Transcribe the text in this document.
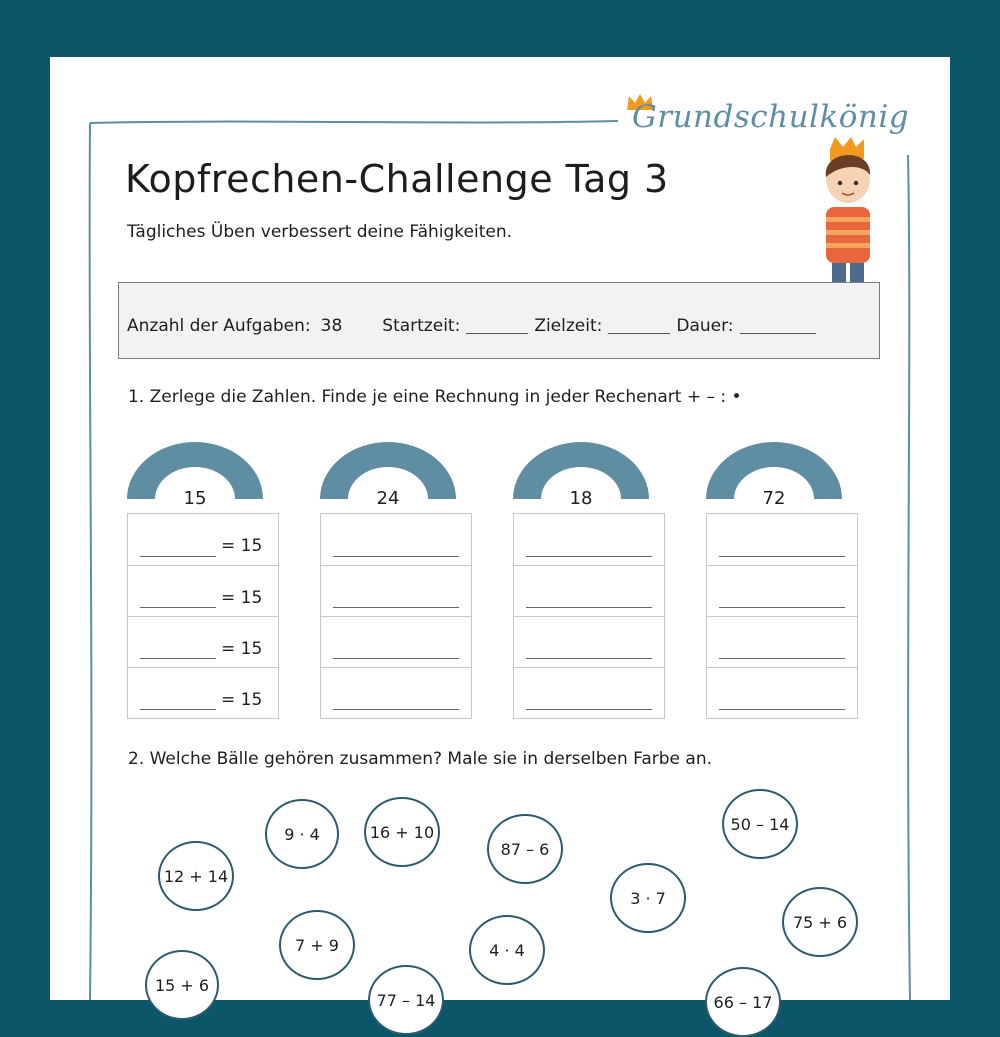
Grundschulkönig
Kopfrechen-Challenge Tag 3
Tägliches Üben verbessert deine Fähigkeiten.
Anzahl der Aufgaben: 38 Startzeit:	Zielzeit:	Dauer:
1. Zerlege die Zahlen. Finde je eine Rechnung in jeder Rechenart + – : •
15
= 15
= 15
= 15
= 15
24	18	72
2. Welche Bälle gehören zusammen? Male sie in derselben Farbe an.
9 · 4	16 + 10
87 – 6
50 – 14
12 + 14
3 · 7
75 + 6
7 + 9	4 · 4
15 + 6
77 – 14	66 – 17
